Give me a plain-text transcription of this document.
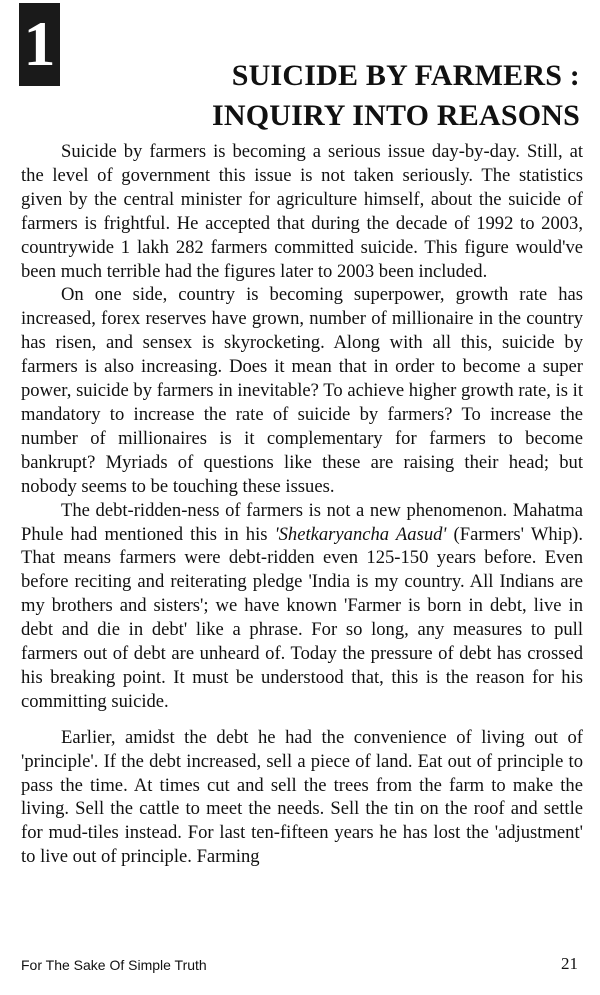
1	SUICIDE BY FARMERS :
INQUIRY INTO REASONS

Suicide by farmers is becoming a serious issue day-by-day. Still, at the level of government this issue is not taken seriously. The statistics given by the central minister for agriculture himself, about the suicide of farmers is frightful. He accepted that during the decade of 1992 to 2003, countrywide 1 lakh 282 farmers committed suicide. This figure would've been much terrible had the figures later to 2003 been included.

On one side, country is becoming superpower, growth rate has increased, forex reserves have grown, number of millionaire in the country has risen, and sensex is skyrocketing. Along with all this, suicide by farmers is also increasing. Does it mean that in order to become a super power, suicide by farmers in inevitable? To achieve higher growth rate, is it mandatory to increase the rate of suicide by farmers? To increase the number of millionaires is it complementary for farmers to become bankrupt? Myriads of questions like these are raising their head; but nobody seems to be touching these issues.

The debt-ridden-ness of farmers is not a new phenomenon. Mahatma Phule had mentioned this in his 'Shetkaryancha Aasud' (Farmers' Whip). That means farmers were debt-ridden even 125-150 years before. Even before reciting and reiterating pledge 'India is my country. All Indians are my brothers and sisters'; we have known 'Farmer is born in debt, live in debt and die in debt' like a phrase. For so long, any measures to pull farmers out of debt are unheard of. Today the pressure of debt has crossed his breaking point. It must be understood that, this is the reason for his committing suicide.

Earlier, amidst the debt he had the convenience of living out of 'principle'. If the debt increased, sell a piece of land. Eat out of principle to pass the time. At times cut and sell the trees from the farm to make the living. Sell the cattle to meet the needs. Sell the tin on the roof and settle for mud-tiles instead. For last ten-fifteen years he has lost the 'adjustment' to live out of principle. Farming

For The Sake Of Simple Truth	21
